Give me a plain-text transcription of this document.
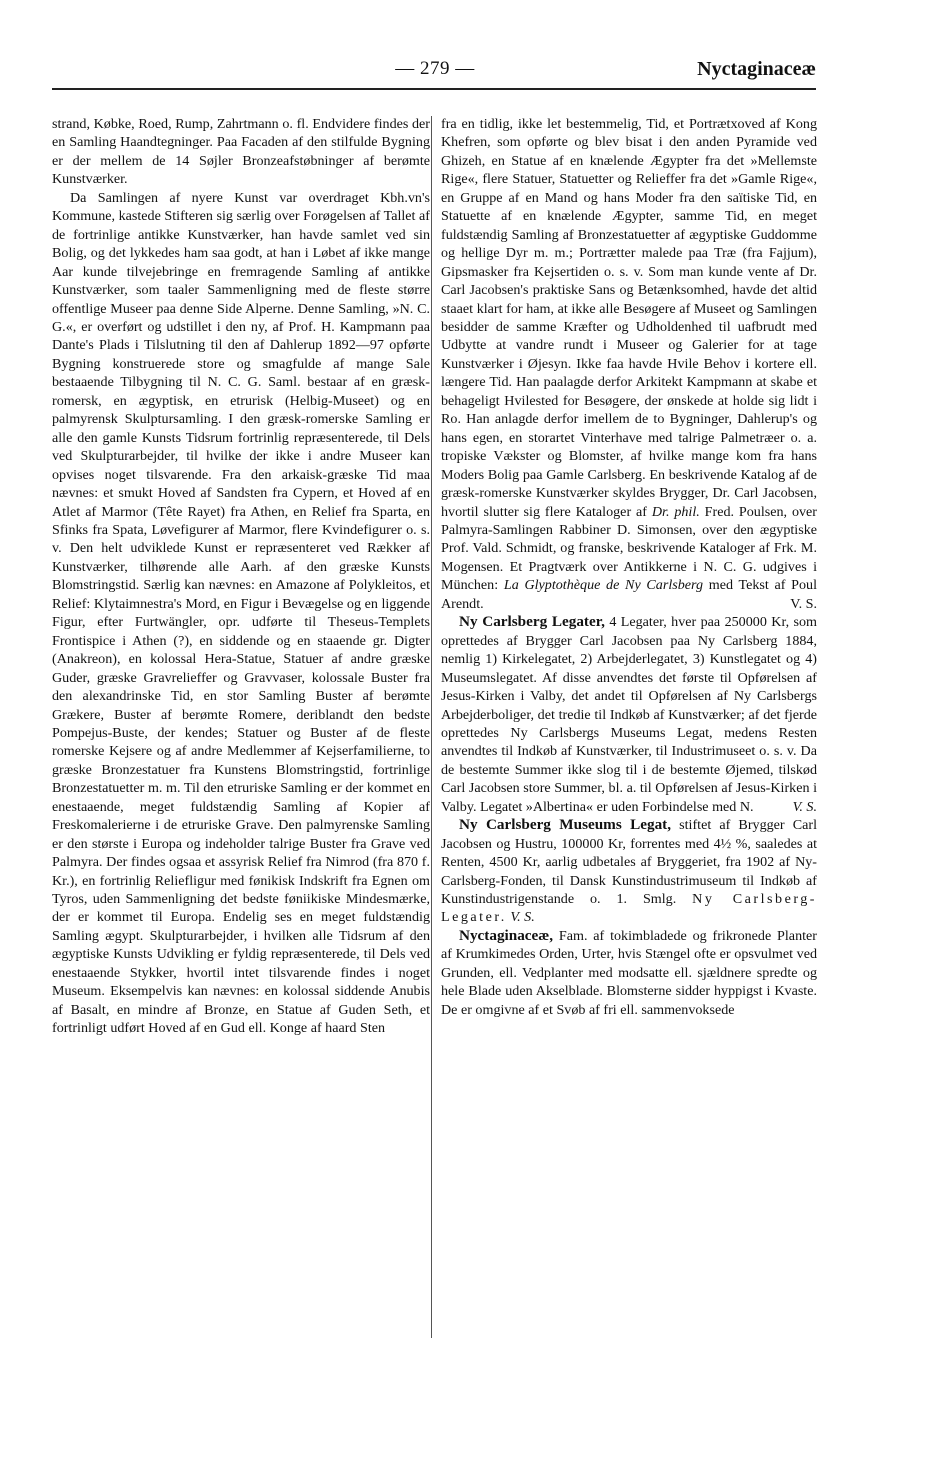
— 279 —	Nyctaginaceæ

strand, Købke, Roed, Rump, Zahrtmann o. fl. Endvidere findes der en Samling Haandtegninger. Paa Facaden af den stilfulde Bygning er der mellem de 14 Søjler Bronzeafstøbninger af berømte Kunstværker.

Da Samlingen af nyere Kunst var overdraget Kbh.vn's Kommune, kastede Stifteren sig særlig over Forøgelsen af Tallet af de fortrinlige antikke Kunstværker, han havde samlet ved sin Bolig, og det lykkedes ham saa godt, at han i Løbet af ikke mange Aar kunde tilvejebringe en fremragende Samling af antikke Kunstværker, som taaler Sammenligning med de fleste større offentlige Museer paa denne Side Alperne. Denne Samling, »N. C. G.«, er overført og udstillet i den ny, af Prof. H. Kampmann paa Dante's Plads i Tilslutning til den af Dahlerup 1892—97 opførte Bygning konstruerede store og smagfulde af mange Sale bestaaende Tilbygning til N. C. G. Saml. bestaar af en græsk-romersk, en ægyptisk, en etrurisk (Helbig-Museet) og en palmyrensk Skulptursamling. I den græsk-romerske Samling er alle den gamle Kunsts Tidsrum fortrinlig repræsenterede, til Dels ved Skulpturarbejder, til hvilke der ikke i andre Museer kan opvises noget tilsvarende. Fra den arkaisk-græske Tid maa nævnes: et smukt Hoved af Sandsten fra Cypern, et Hoved af en Atlet af Marmor (Tête Rayet) fra Athen, en Relief fra Sparta, en Sfinks fra Spata, Løvefigurer af Marmor, flere Kvindefigurer o. s. v. Den helt udviklede Kunst er repræsenteret ved Rækker af Kunstværker, tilhørende alle Aarh. af den græske Kunsts Blomstringstid. Særlig kan nævnes: en Amazone af Polykleitos, et Relief: Klytaimnestra's Mord, en Figur i Bevægelse og en liggende Figur, efter Furtwängler, opr. udførte til Theseus-Templets Frontispice i Athen (?), en siddende og en staaende gr. Digter (Anakreon), en kolossal Hera-Statue, Statuer af andre græske Guder, græske Gravrelieffer og Gravvaser, kolossale Buster fra den alexandrinske Tid, en stor Samling Buster af berømte Grækere, Buster af berømte Romere, deriblandt den bedste Pompejus-Buste, der kendes; Statuer og Buster af de fleste romerske Kejsere og af andre Medlemmer af Kejserfamilierne, to græske Bronzestatuer fra Kunstens Blomstringstid, fortrinlige Bronzestatuetter m. m. Til den etruriske Samling er der kommet en enestaaende, meget fuldstændig Samling af Kopier af Freskomalerierne i de etruriske Grave. Den palmyrenske Samling er den største i Europa og indeholder talrige Buster fra Grave ved Palmyra. Der findes ogsaa et assyrisk Relief fra Nimrod (fra 870 f. Kr.), en fortrinlig Reliefligur med fønikisk Indskrift fra Egnen om Tyros, uden Sammenligning det bedste føniikiske Mindesmærke, der er kommet til Europa. Endelig ses en meget fuldstændig Samling ægypt. Skulpturarbejder, i hvilken alle Tidsrum af den ægyptiske Kunsts Udvikling er fyldig repræsenterede, til Dels ved enestaaende Stykker, hvortil intet tilsvarende findes i noget Museum. Eksempelvis kan nævnes: en kolossal siddende Anubis af Basalt, en mindre af Bronze, en Statue af Guden Seth, et fortrinligt udført Hoved af en Gud ell. Konge af haard Sten

fra en tidlig, ikke let bestemmelig, Tid, et Portrætхoved af Kong Khefren, som opførte og blev bisat i den anden Pyramide ved Ghizeh, en Statue af en knælende Ægypter fra det »Mellemste Rige«, flere Statuer, Statuetter og Relieffer fra det »Gamle Rige«, en Gruppe af en Mand og hans Moder fra den saïtiske Tid, en Statuette af en knælende Ægypter, samme Tid, en meget fuldstændig Samling af Bronzestatuetter af ægyptiske Guddomme og hellige Dyr m. m.; Portrætter malede paa Træ (fra Fajjum), Gipsmasker fra Kejsertiden o. s. v. Som man kunde vente af Dr. Carl Jacobsen's praktiske Sans og Betænksomhed, havde det altid staaet klart for ham, at ikke alle Besøgere af Museet og Samlingen besidder de samme Kræfter og Udholdenhed til uafbrudt med Udbytte at vandre rundt i Museer og Galerier for at tage Kunstværker i Øjesyn. Ikke faa havde Hvile Behov i kortere ell. længere Tid. Han paalagde derfor Arkitekt Kampmann at skabe et behageligt Hvilested for Besøgere, der ønskede at holde sig lidt i Ro. Han anlagde derfor imellem de to Bygninger, Dahlerup's og hans egen, en storartet Vinterhave med talrige Palmetræer o. a. tropiske Vækster og Blomster, af hvilke mange kom fra hans Moders Bolig paa Gamle Carlsberg. En beskrivende Katalog af de græsk-romerske Kunstværker skyldes Brygger, Dr. Carl Jacobsen, hvortil slutter sig flere Kataloger af Dr. phil. Fred. Poulsen, over Palmyra-Samlingen Rabbiner D. Simonsen, over den ægyptiske Prof. Vald. Schmidt, og franske, beskrivende Kataloger af Frk. M. Mogensen. Et Pragtværk over Antikkerne i N. C. G. udgives i München: La Glyptothèque de Ny Carlsberg med Tekst af Poul Arendt.	V. S.

Ny Carlsberg Legater, 4 Legater, hver paa 250000 Kr, som oprettedes af Brygger Carl Jacobsen paa Ny Carlsberg 1884, nemlig 1) Kirkelegatet, 2) Arbejderlegatet, 3) Kunstlegatet og 4) Museumslegatet. Af disse anvendtes det første til Opførelsen af Jesus-Kirken i Valby, det andet til Opførelsen af Ny Carlsbergs Arbejderboliger, det tredie til Indkøb af Kunstværker; af det fjerde oprettedes Ny Carlsbergs Museums Legat, medens Resten anvendtes til Indkøb af Kunstværker, til Industrimuseet o. s. v. Da de bestemte Summer ikke slog til i de bestemte Øjemed, tilskød Carl Jacobsen store Summer, bl. a. til Opførelsen af Jesus-Kirken i Valby. Legatet »Albertina« er uden Forbindelse med N.	V. S.

Ny Carlsberg Museums Legat, stiftet af Brygger Carl Jacobsen og Hustru, 100000 Kr, forrentes med 4½ %, saaledes at Renten, 4500 Kr, aarlig udbetales af Bryggeriet, fra 1902 af Ny-Carlsberg-Fonden, til Dansk Kunstindustrimuseum til Indkøb af Kunstindustrigenstande o. 1. Smlg. Ny Carlsberg-Legater. V. S.

Nyctaginaceæ, Fam. af tokimbladede og frikronede Planter af Krumkimedes Orden, Urter, hvis Stængel ofte er opsvulmet ved Grunden, ell. Vedplanter med modsatte ell. sjældnere spredte og hele Blade uden Akselblade. Blomsterne sidder hyppigst i Kvaste. De er omgivne af et Svøb af fri ell. sammenvoksede
